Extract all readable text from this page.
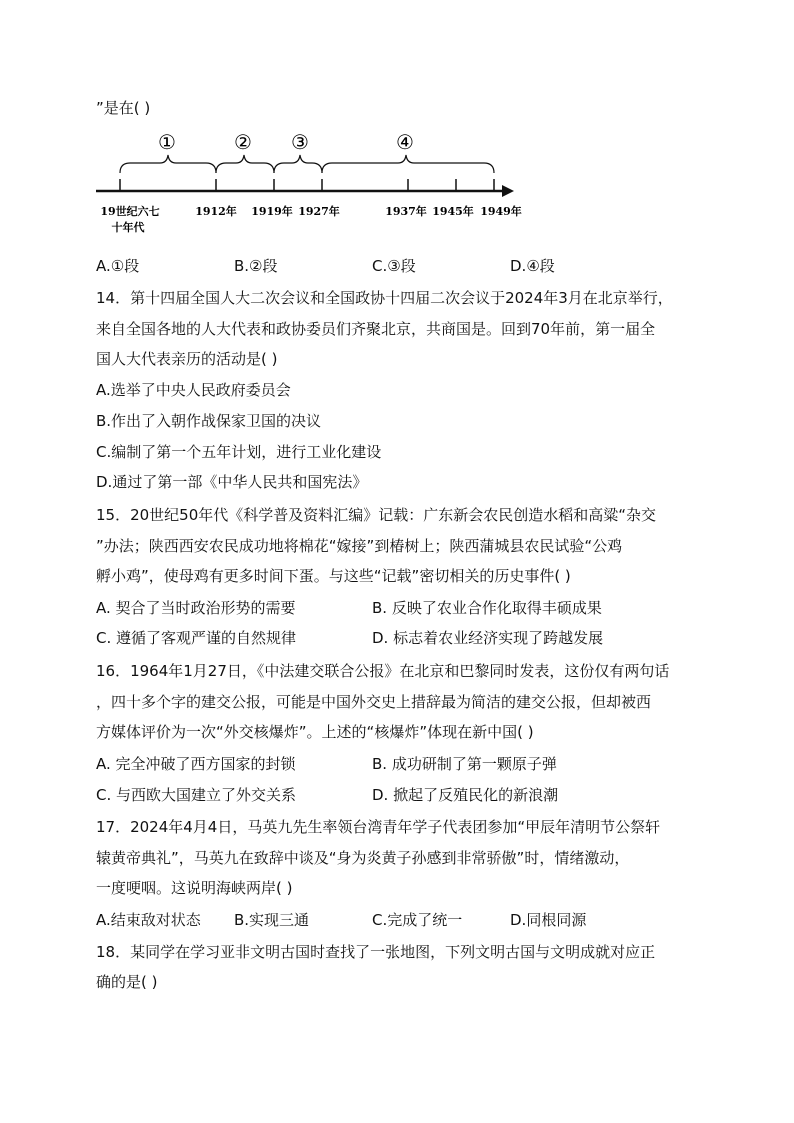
”是在( )
①	② ③	④
19世纪六七
十年代
1912年 1919年 1927年	1937年 1945年 1949年
A.①段	B.②段	C.③段	D.④段
14．第十四届全国人大二次会议和全国政协十四届二次会议于2024年3月在北京举行，
来自全国各地的人大代表和政协委员们齐聚北京，共商国是。回到70年前，第一届全
国人大代表亲历的活动是( )
A.选举了中央人民政府委员会
B.作出了入朝作战保家卫国的决议
C.编制了第一个五年计划，进行工业化建设
D.通过了第一部《中华人民共和国宪法》
15．20世纪50年代《科学普及资料汇编》记载：广东新会农民创造水稻和高粱“杂交
”办法；陕西西安农民成功地将棉花“嫁接”到椿树上；陕西蒲城县农民试验“公鸡
孵小鸡”，使母鸡有更多时间下蛋。与这些“记载”密切相关的历史事件( )
A. 契合了当时政治形势的需要	B. 反映了农业合作化取得丰硕成果
C. 遵循了客观严谨的自然规律	D. 标志着农业经济实现了跨越发展
16．1964年1月27日，《中法建交联合公报》在北京和巴黎同时发表，这份仅有两句话
，四十多个字的建交公报，可能是中国外交史上措辞最为简洁的建交公报，但却被西
方媒体评价为一次“外交核爆炸”。上述的“核爆炸”体现在新中国( )
A. 完全冲破了西方国家的封锁	B. 成功研制了第一颗原子弹
C. 与西欧大国建立了外交关系	D. 掀起了反殖民化的新浪潮
17．2024年4月4日，马英九先生率领台湾青年学子代表团参加“甲辰年清明节公祭轩
辕黄帝典礼”，马英九在致辞中谈及“身为炎黄子孙感到非常骄傲”时，情绪激动，
一度哽咽。这说明海峡两岸( )
A.结束敌对状态 B.实现三通	C.完成了统一	D.同根同源
18．某同学在学习亚非文明古国时查找了一张地图，下列文明古国与文明成就对应正
确的是( )
